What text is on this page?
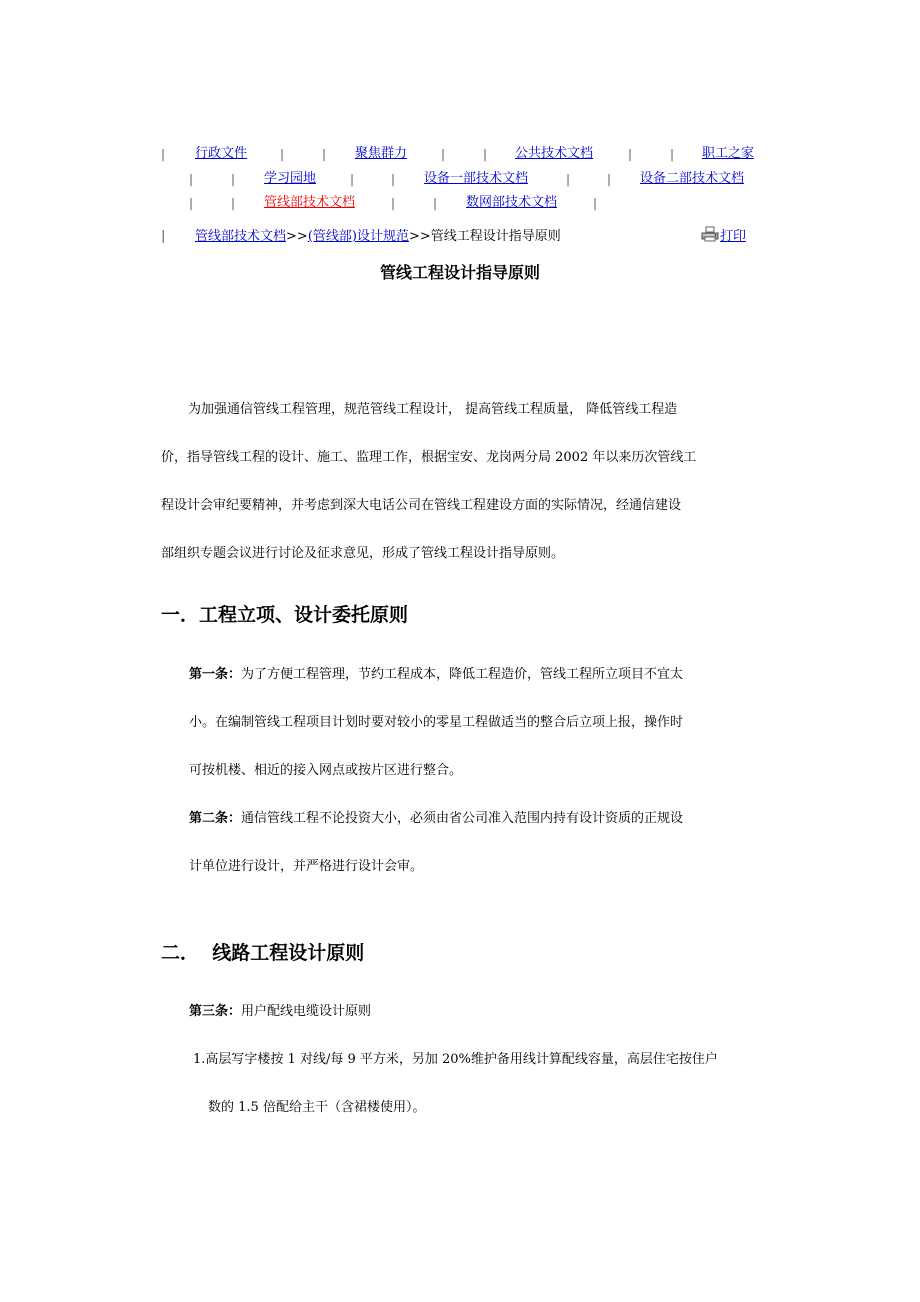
| 行政文件	|	| 聚焦群力	|	| 公共技术文档	|	| 职工之家
|	| 学习园地	|	| 设备一部技术文档	|	| 设备二部技术文档
|	| 管线部技术文档	|	| 数网部技术文档	|
| 管线部技术文档>>(管线部)设计规范>>管线工程设计指导原则	打印
管线工程设计指导原则
为加强通信管线工程管理，规范管线工程设计， 提高管线工程质量， 降低管线工程造
价，指导管线工程的设计、施工、监理工作，根据宝安、龙岗两分局 2002 年以来历次管线工
程设计会审纪要精神，并考虑到深大电话公司在管线工程建设方面的实际情况，经通信建设
部组织专题会议进行讨论及征求意见，形成了管线工程设计指导原则。
一．工程立项、设计委托原则
第一条：为了方便工程管理，节约工程成本，降低工程造价，管线工程所立项目不宜太
小。在编制管线工程项目计划时要对较小的零星工程做适当的整合后立项上报，操作时
可按机楼、相近的接入网点或按片区进行整合。
第二条：通信管线工程不论投资大小，必须由省公司准入范围内持有设计资质的正规设
计单位进行设计，并严格进行设计会审。
二．  线路工程设计原则
第三条：用户配线电缆设计原则
1.高层写字楼按 1 对线/每 9 平方米，另加 20%维护备用线计算配线容量，高层住宅按住户
数的 1.5 倍配给主干（含裙楼使用）。
